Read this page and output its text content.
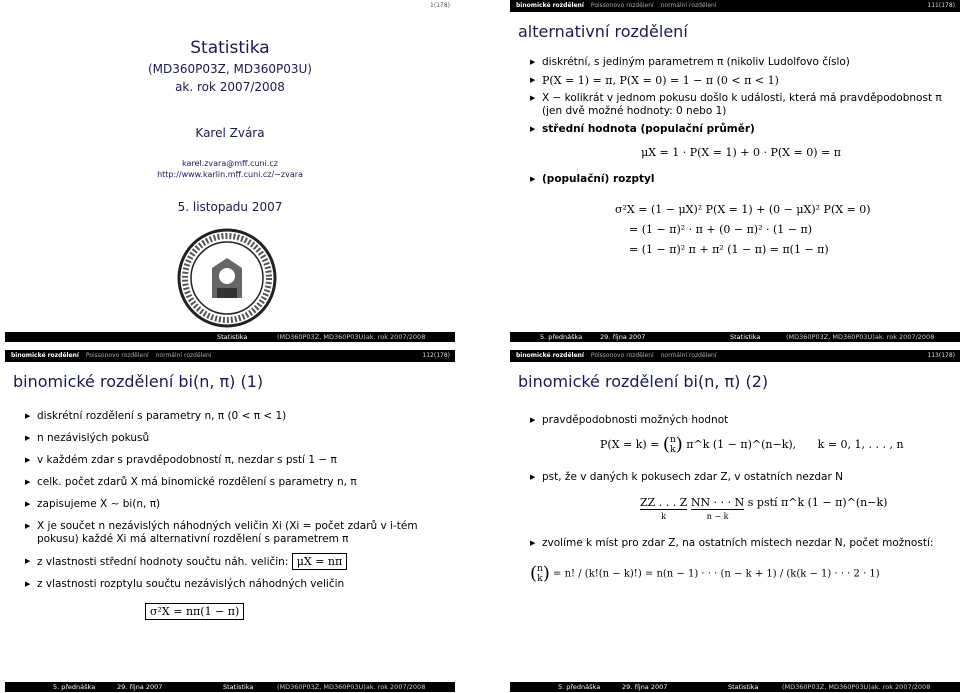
1(178)
Statistika
(MD360P03Z, MD360P03U)
ak. rok 2007/2008
Karel Zvára
karel.zvara@mff.cuni.cz
http://www.karlin.mff.cuni.cz/∼zvara
5. listopadu 2007
Statistika	(MD360P03Z, MD360P03U)ak. rok 2007/2008
binomické rozdělení Poissonovo rozdělení normální rozdělení	111(178)
alternativní rozdělení
▶ diskrétní, s jediným parametrem π (nikoliv Ludolfovo číslo)
▶ P(X = 1) = π, P(X = 0) = 1 − π (0 < π < 1)
▶ X − kolikrát v jednom pokusu došlo k události, která má pravděpodobnost π (jen dvě možné hodnoty: 0 nebo 1)
▶ střední hodnota (populační průměr)
μX = 1 · P(X = 1) + 0 · P(X = 0) = π
▶ (populační) rozptyl
σ²X = (1 − μX)² P(X = 1) + (0 − μX)² P(X = 0)
= (1 − π)² · π + (0 − π)² · (1 − π)
= (1 − π)² π + π² (1 − π) = π(1 − π)
5. přednáška	29. října 2007	Statistika	(MD360P03Z, MD360P03U)ak. rok 2007/2008
binomické rozdělení Poissonovo rozdělení normální rozdělení	112(178)
binomické rozdělení bi(n, π) (1)
▶ diskrétní rozdělení s parametry n, π (0 < π < 1)
▶ n nezávislých pokusů
▶ v každém zdar s pravděpodobností π, nezdar s pstí 1 − π
▶ celk. počet zdarů X má binomické rozdělení s parametry n, π
▶ zapisujeme X ∼ bi(n, π)
▶ X je součet n nezávislých náhodných veličin Xi (Xi = počet zdarů v i-tém pokusu) každé Xi má alternativní rozdělení s parametrem π
▶ z vlastnosti střední hodnoty součtu náh. veličin: μX = nπ
▶ z vlastnosti rozptylu součtu nezávislých náhodných veličin
σ²X = nπ(1 − π)
5. přednáška	29. října 2007	Statistika	(MD360P03Z, MD360P03U)ak. rok 2007/2008
binomické rozdělení Poissonovo rozdělení normální rozdělení	113(178)
binomické rozdělení bi(n, π) (2)
▶ pravděpodobnosti možných hodnot
P(X = k) = (n
k) π^k (1 − π)^(n−k), k = 0, 1, . . . , n
▶ pst, že v daných k pokusech zdar Z, v ostatních nezdar N
ZZ . . . Z
k NN · · · N
n − k s pstí π^k (1 − π)^(n−k)
▶ zvolíme k míst pro zdar Z, na ostatních místech nezdar N, počet možností:
(n
k) = n! / (k!(n − k)!) = n(n − 1) · · · (n − k + 1) / (k(k − 1) · · · 2 · 1)
5. přednáška	29. října 2007	Statistika	(MD360P03Z, MD360P03U)ak. rok 2007/2008
